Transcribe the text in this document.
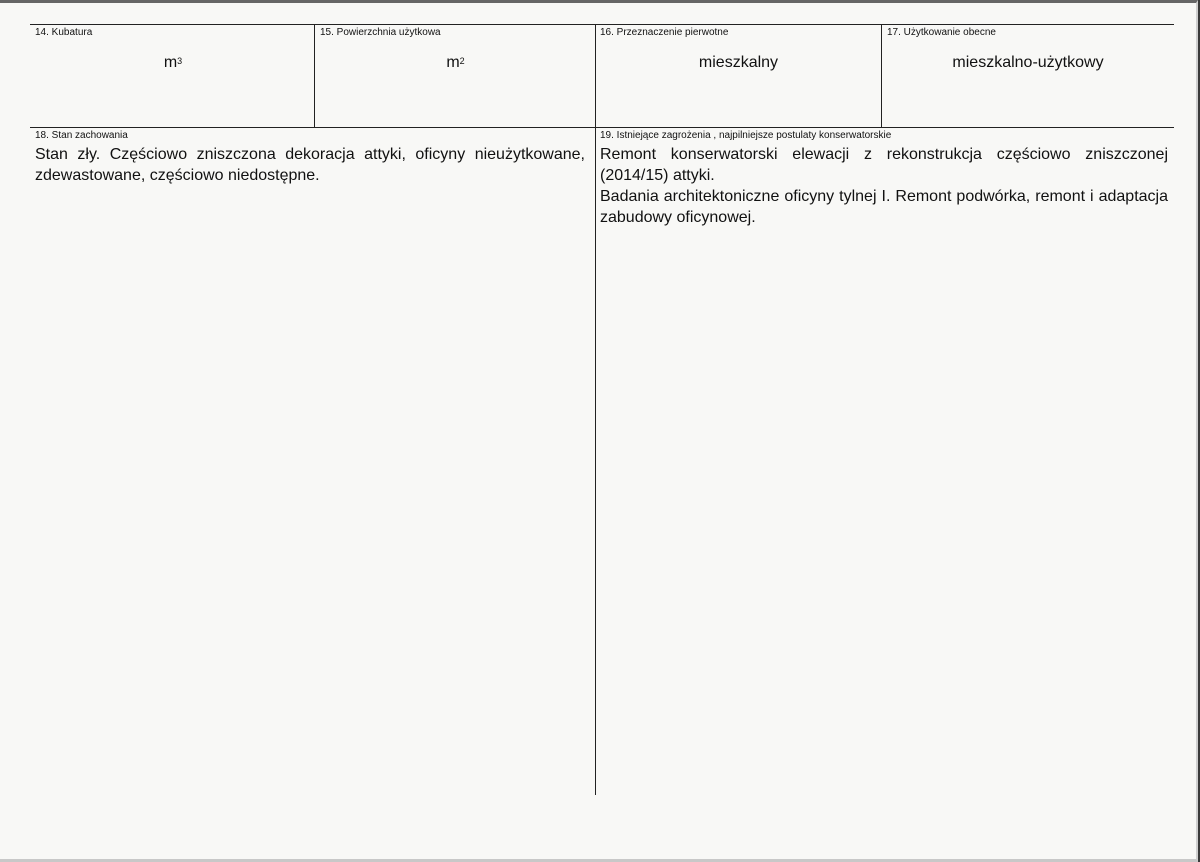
14. Kubatura
$m^3$
15. Powierzchnia użytkowa
$m^2$
16. Przeznaczenie pierwotne
mieszkalny
17. Użytkowanie obecne
mieszkalno-użytkowy
18. Stan zachowania

Stan zły. Częściowo zniszczona dekoracja attyki, oficyny nieużytkowane, zdewastowane, częściowo niedostępne.

19. Istniejące zagrożenia , najpilniejsze postulaty konserwatorskie

Remont konserwatorski elewacji z rekonstrukcja częściowo zniszczonej (2014/15) attyki.

Badania architektoniczne oficyny tylnej I. Remont podwórka, remont i adaptacja zabudowy oficynowej.
